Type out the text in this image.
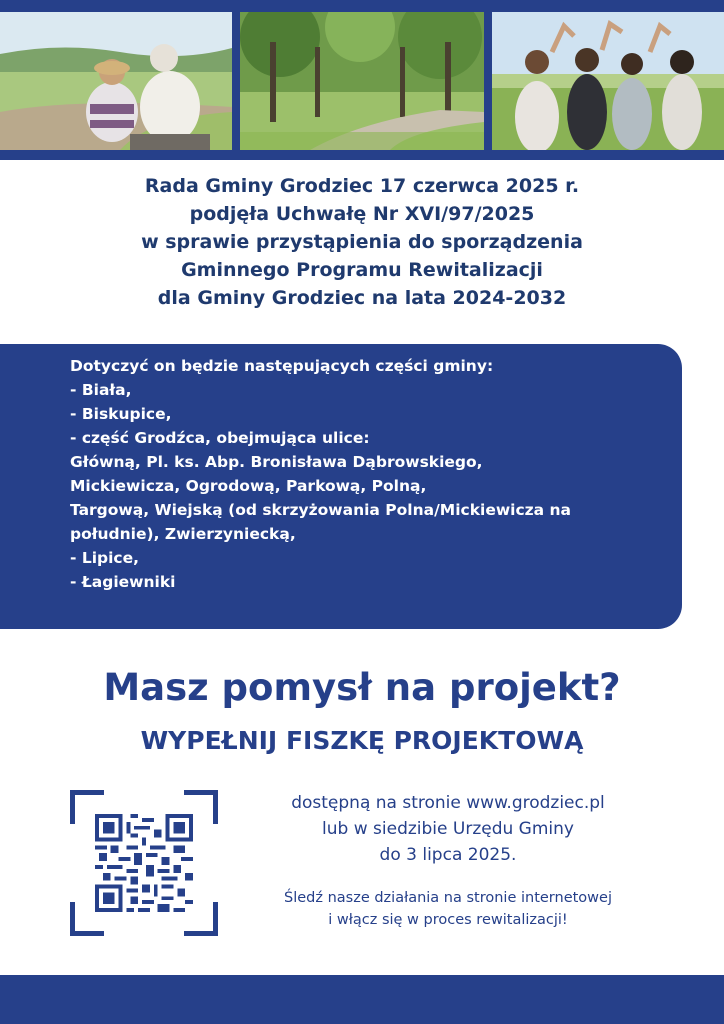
Rada Gminy Grodziec 17 czerwca 2025 r.
podjęła Uchwałę Nr XVI/97/2025
w sprawie przystąpienia do sporządzenia
Gminnego Programu Rewitalizacji
dla Gminy Grodziec na lata 2024-2032
Dotyczyć on będzie następujących części gminy:
- Biała,
- Biskupice,
- część Grodźca, obejmująca ulice:
Główną, Pl. ks. Abp. Bronisława Dąbrowskiego,
Mickiewicza, Ogrodową, Parkową, Polną,
Targową, Wiejską (od skrzyżowania Polna/Mickiewicza na
południe), Zwierzyniecką,
- Lipice,
- Łagiewniki
Masz pomysł na projekt?
WYPEŁNIJ FISZKĘ PROJEKTOWĄ
dostępną na stronie www.grodziec.pl
lub w siedzibie Urzędu Gminy
do 3 lipca 2025.
Śledź nasze działania na stronie internetowej
i włącz się w proces rewitalizacji!
